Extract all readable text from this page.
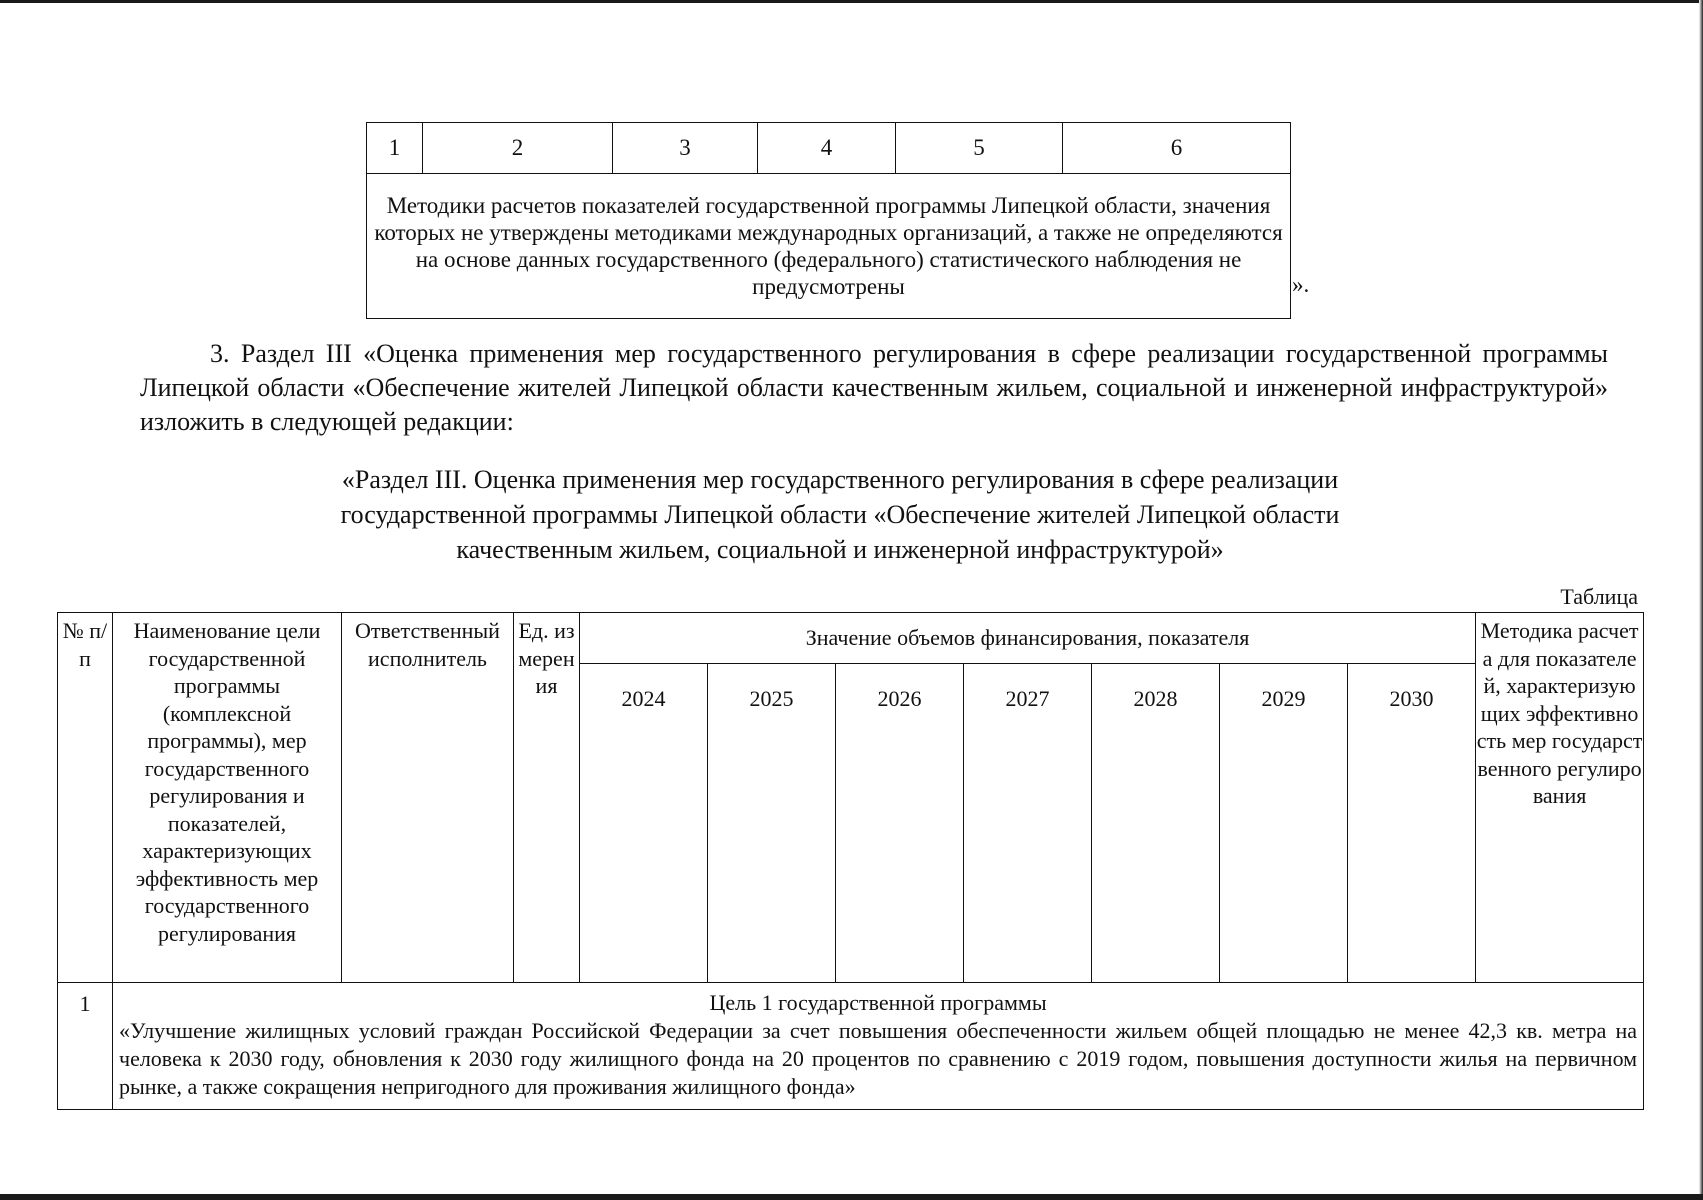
1	2	3	4	5	6
Методики расчетов показателей государственной программы Липецкой области, значения которых не утверждены методиками международных организаций, а также не определяются на основе данных государственного (федерального) статистического наблюдения не предусмотрены	».

3. Раздел III «Оценка применения мер государственного регулирования в сфере реализации государственной программы Липецкой области «Обеспечение жителей Липецкой области качественным жильем, социальной и инженерной инфраструктурой» изложить в следующей редакции:

«Раздел III. Оценка применения мер государственного регулирования в сфере реализации
государственной программы Липецкой области «Обеспечение жителей Липецкой области
качественным жильем, социальной и инженерной инфраструктурой»
Таблица
№ п/п	Наименование цели государственной программы (комплексной программы), мер государственного регулирования и показателей, характеризующих эффективность мер государственного регулирования	Ответственный исполнитель	Ед. измерения	Значение объемов финансирования, показателя							Методика расчета для показателей, характеризующих эффективность мер государственного регулирования
				2024	2025	2026	2027	2028	2029	2030	
1	Цель 1 государственной программы
«Улучшение жилищных условий граждан Российской Федерации за счет повышения обеспеченности жильем общей площадью не менее 42,3 кв. метра на человека к 2030 году, обновления к 2030 году жилищного фонда на 20 процентов по сравнению с 2019 годом, повышения доступности жилья на первичном рынке, а также сокращения непригодного для проживания жилищного фонда»										
